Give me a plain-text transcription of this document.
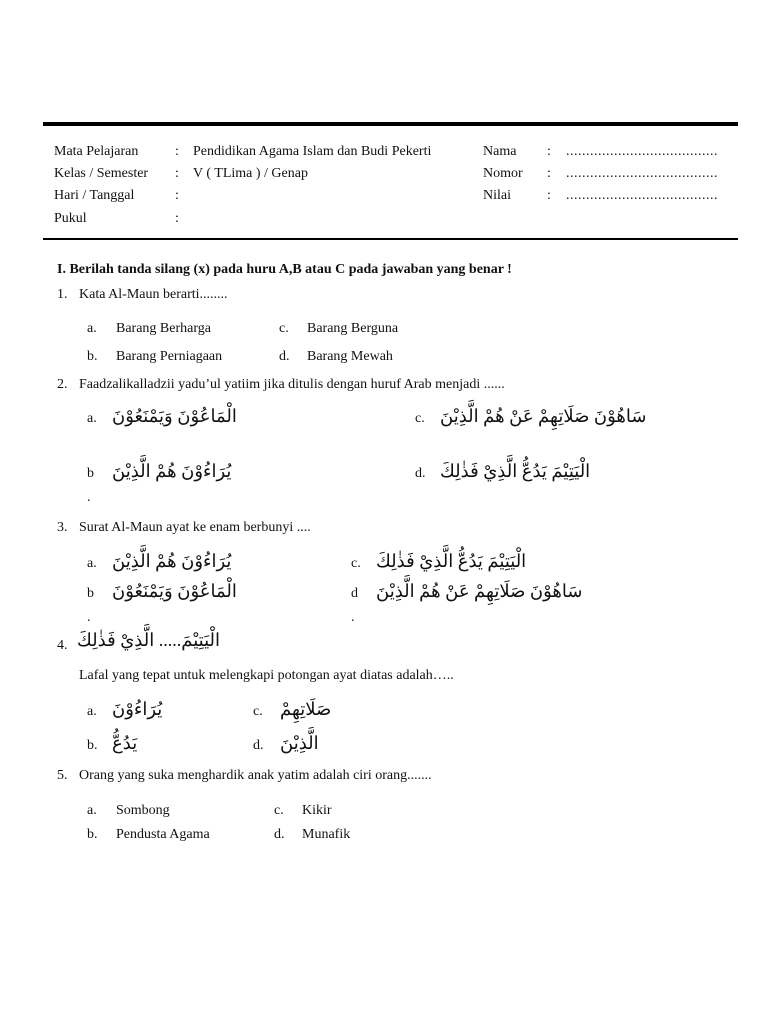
Mata Pelajaran	: Pendidikan Agama Islam dan Budi Pekerti
Kelas / Semester : V ( TLima ) / Genap
Hari / Tanggal	:
Pukul	:
Nama : ......................................
Nomor : ......................................
Nilai	: ......................................
I. Berilah tanda silang (x) pada huru A,B atau C pada jawaban yang benar !
1. Kata Al-Maun berarti........
a. Barang Berharga	c. Barang Berguna
b. Barang Perniagaan	d. Barang Mewah
2. Faadzalikalladzii yadu’ul yatiim jika ditulis dengan huruf Arab menjadi ......
a. الْمَاعُوْنَ وَيَمْنَعُوْنَ	c. سَاهُوْنَ صَلَاتِهِمْ عَنْ هُمْ الَّذِيْنَ
b يُرَاءُوْنَ هُمْ الَّذِيْنَ	d. الْيَتِيْمَ يَدُعُّ الَّذِيْ فَذٰلِكَ
.
3. Surat Al-Maun ayat ke enam berbunyi ....
a. يُرَاءُوْنَ هُمْ الَّذِيْنَ	c. الْيَتِيْمَ يَدُعُّ الَّذِيْ فَذٰلِكَ
b الْمَاعُوْنَ وَيَمْنَعُوْنَ	d سَاهُوْنَ صَلَاتِهِمْ عَنْ هُمْ الَّذِيْنَ
.	.
4. الْيَتِيْمَ..... الَّذِيْ فَذٰلِكَ
Lafal yang tepat untuk melengkapi potongan ayat diatas adalah…..
a. يُرَاءُوْنَ	c. صَلَاتِهِمْ
b. يَدُعُّ	d. الَّذِيْنَ
5. Orang yang suka menghardik anak yatim adalah ciri orang.......
a. Sombong	c. Kikir
b. Pendusta Agama	d. Munafik
